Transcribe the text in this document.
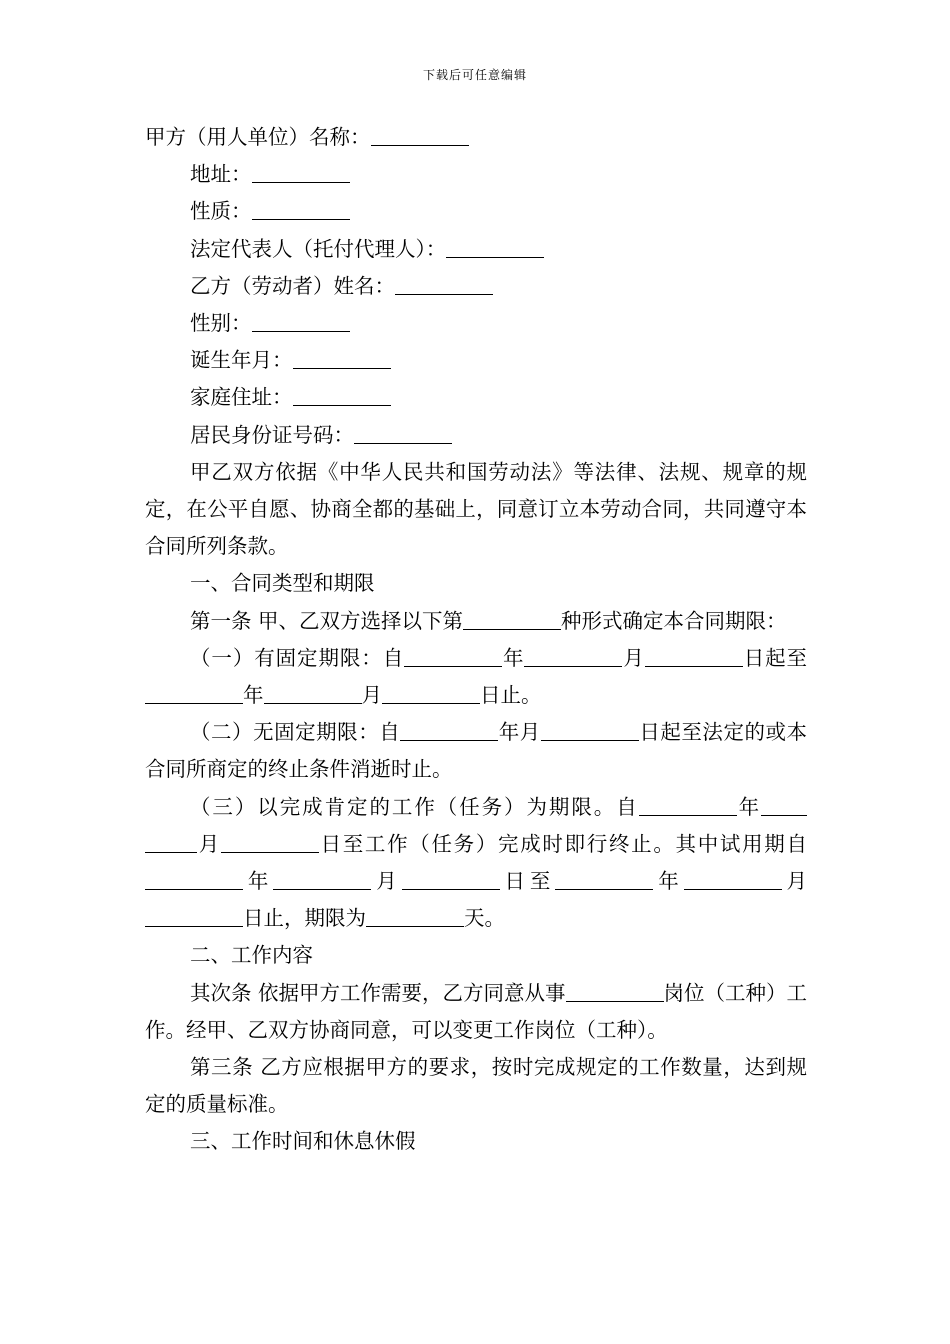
下载后可任意编辑

甲方（用人单位）名称：

地址：

性质：

法定代表人（托付代理人）：

乙方（劳动者）姓名：

性别：

诞生年月：

家庭住址：

居民身份证号码：

甲乙双方依据《中华人民共和国劳动法》等法律、法规、规章的规定，在公平自愿、协商全都的基础上，同意订立本劳动合同，共同遵守本合同所列条款。

一、合同类型和期限

第一条 甲、乙双方选择以下第	种形式确定本合同期限：

（一）有固定期限：自	年	月	日起至年	月	日止。

（二）无固定期限：自	年月	日起至法定的或本合同所商定的终止条件消逝时止。

（三）以完成肯定的工作（任务）为期限。自	年月	日至工作（任务）完成时即行终止。其中试用期自年	月	日至	年	月日止，期限为	天。

二、工作内容

其次条 依据甲方工作需要，乙方同意从事	岗位（工种）工作。经甲、乙双方协商同意，可以变更工作岗位（工种）。

第三条 乙方应根据甲方的要求，按时完成规定的工作数量，达到规定的质量标准。

三、工作时间和休息休假
